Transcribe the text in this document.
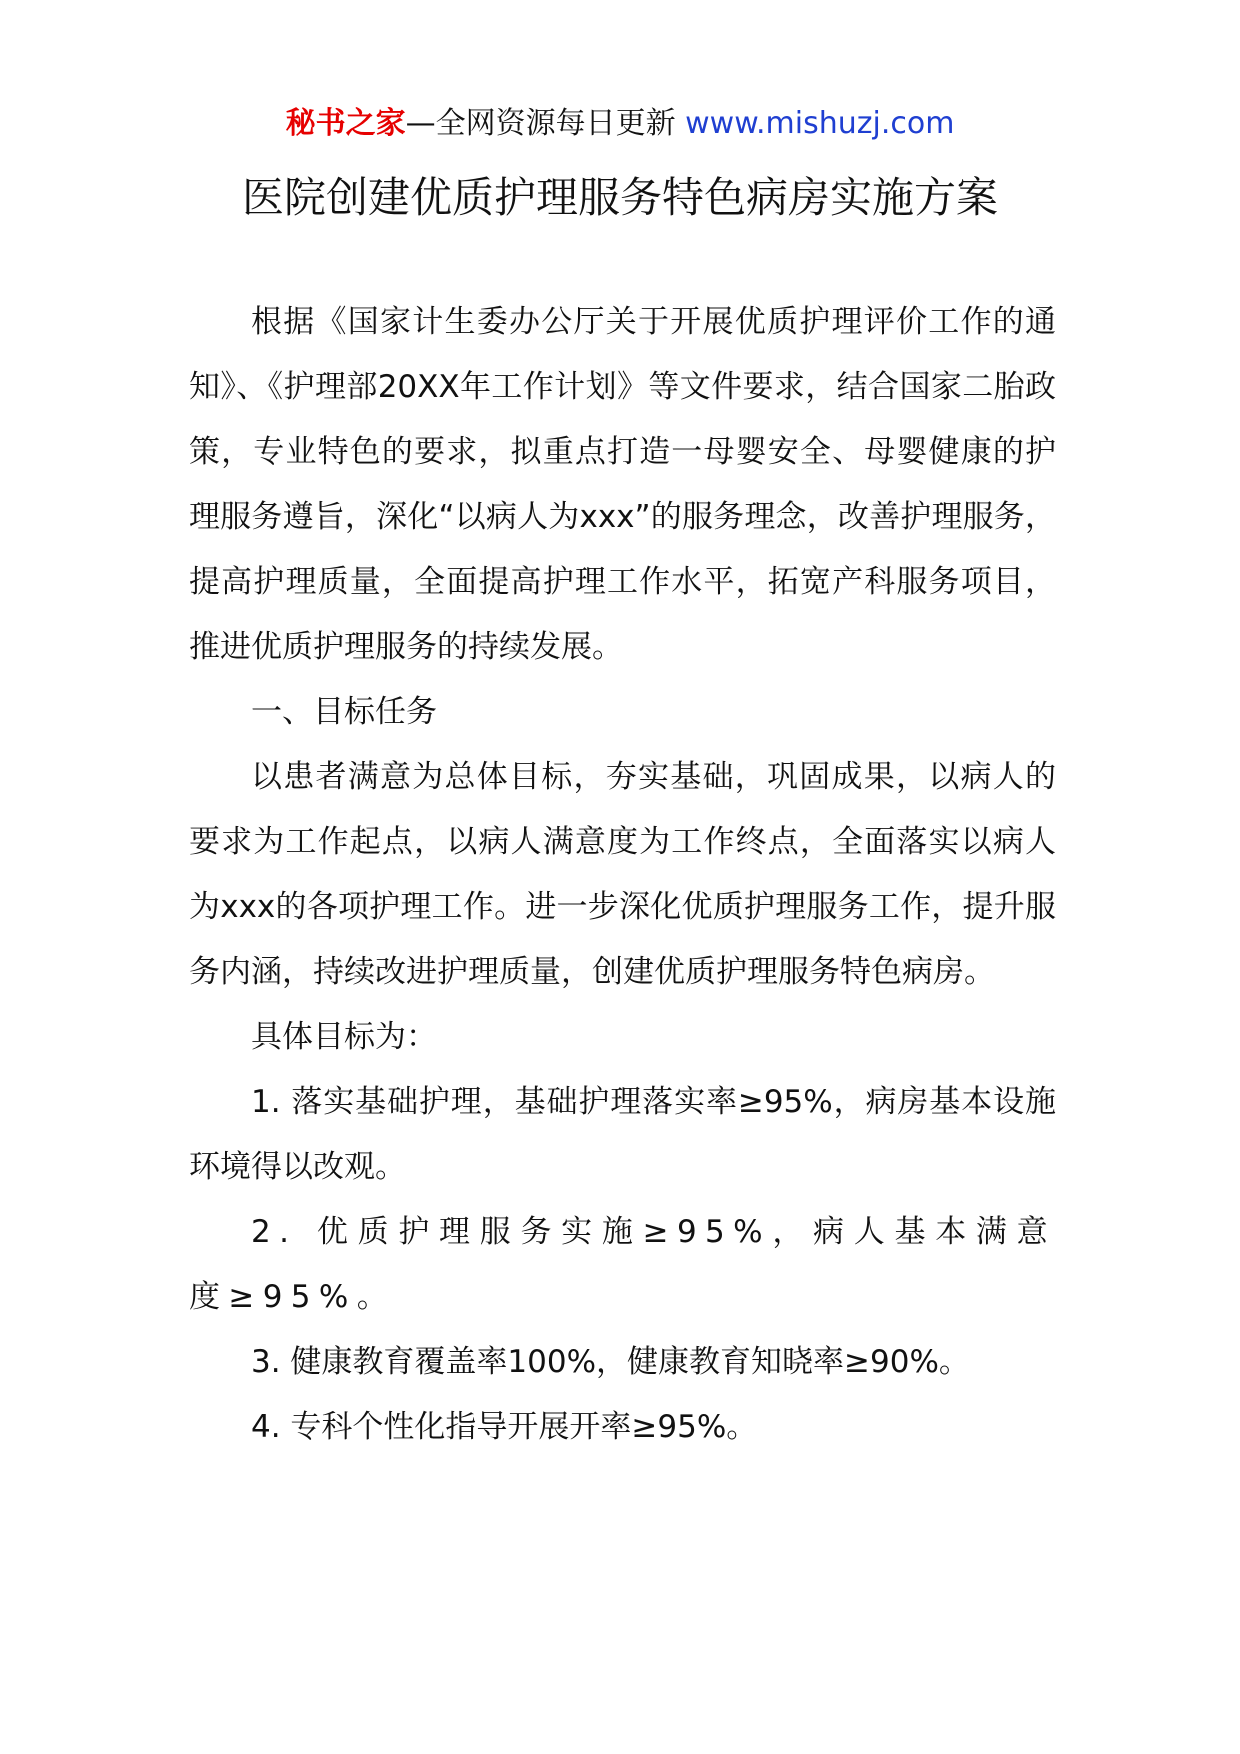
秘书之家—全网资源每日更新 www.mishuzj.com
医院创建优质护理服务特色病房实施方案

根据《国家计生委办公厅关于开展优质护理评价工作的通知》、《护理部20XX年工作计划》等文件要求，结合国家二胎政策，专业特色的要求，拟重点打造一母婴安全、母婴健康的护理服务遵旨，深化“以病人为xxx”的服务理念，改善护理服务，提高护理质量，全面提高护理工作水平，拓宽产科服务项目，推进优质护理服务的持续发展。

一、目标任务

以患者满意为总体目标，夯实基础，巩固成果，以病人的要求为工作起点，以病人满意度为工作终点，全面落实以病人为xxx的各项护理工作。进一步深化优质护理服务工作，提升服务内涵，持续改进护理质量，创建优质护理服务特色病房。

具体目标为：

1. 落实基础护理，基础护理落实率≥95%，病房基本设施环境得以改观。

2. 优质护理服务实施≥95%，病人基本满意度≥95%。

3. 健康教育覆盖率100%，健康教育知晓率≥90%。

4. 专科个性化指导开展开率≥95%。
